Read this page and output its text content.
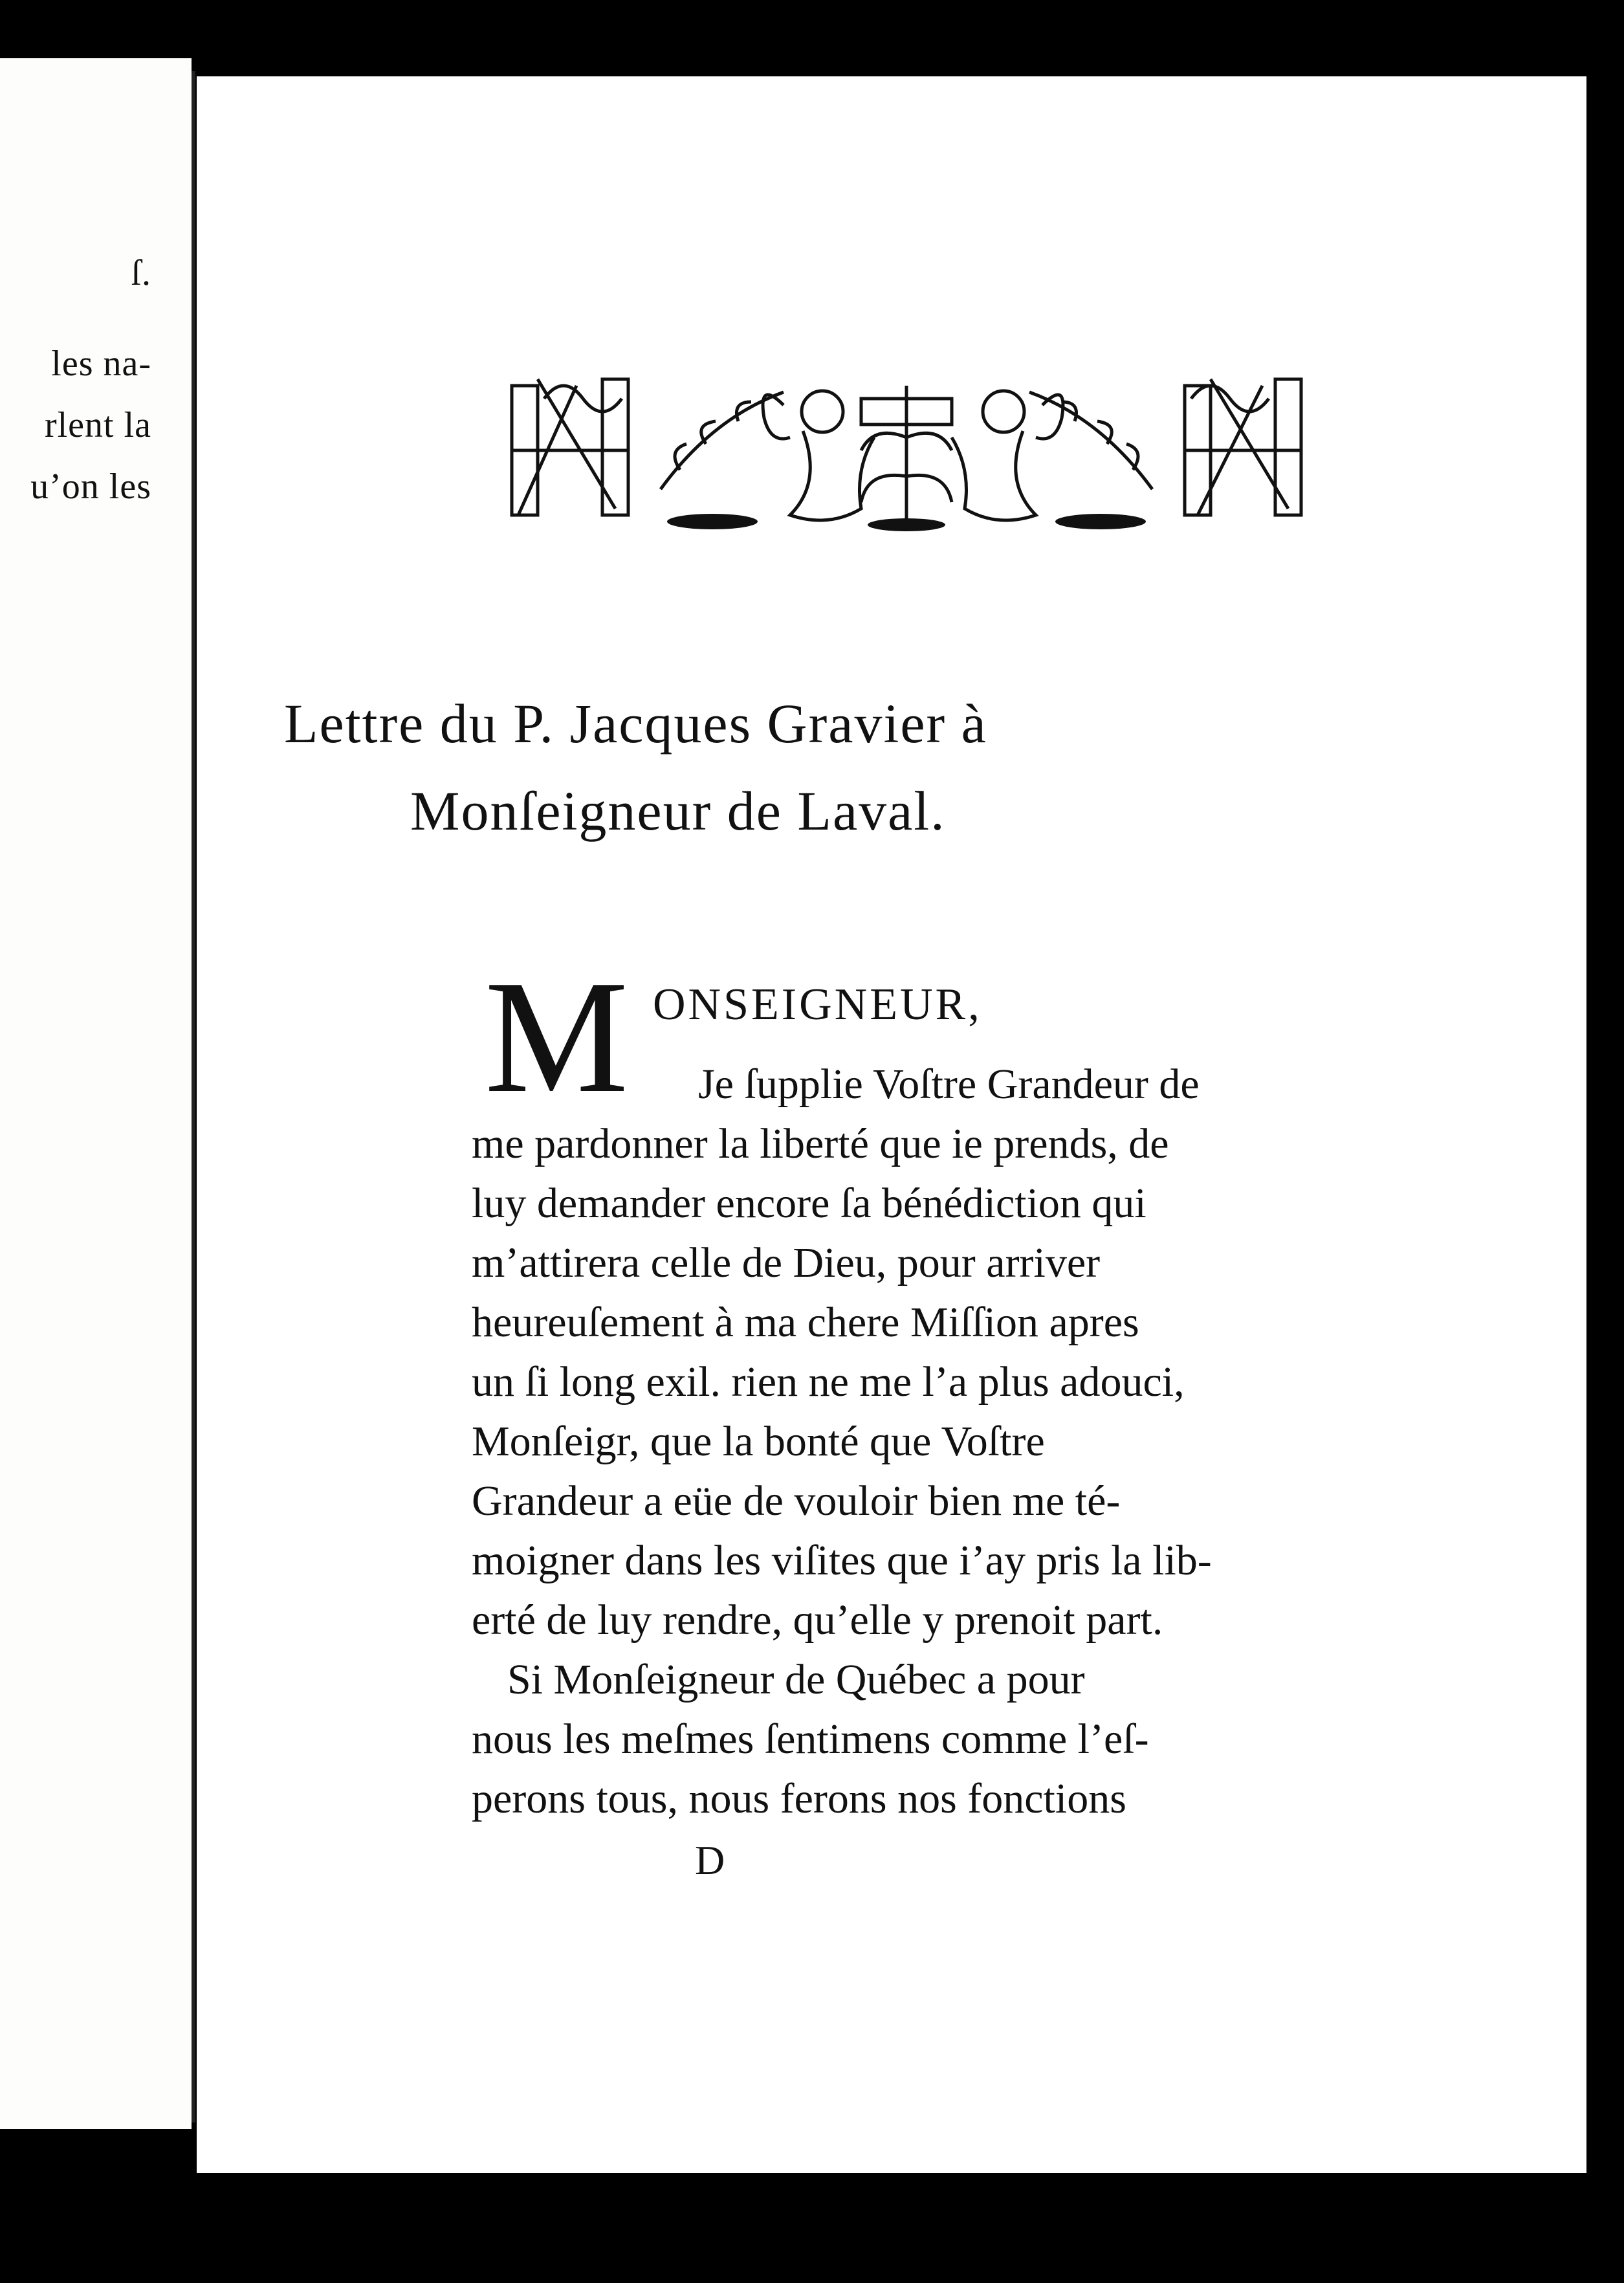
ſ.
les na-
rlent la
u’on les
Lettre du P. Jacques Gravier à
Monſeigneur de Laval.
M ONSEIGNEUR,
Je ſupplie Voſtre Grandeur de
me pardonner la liberté que ie prends, de
luy demander encore ſa bénédiction qui
m’attirera celle de Dieu, pour arriver
heureuſement à ma chere Miſſion apres
un ſi long exil. rien ne me l’a plus adouci,
Monſeigr, que la bonté que Voſtre
Grandeur a eüe de vouloir bien me té-
moigner dans les viſites que i’ay pris la lib-
erté de luy rendre, qu’elle y prenoit part.
Si Monſeigneur de Québec a pour
nous les meſmes ſentimens comme l’eſ-
perons tous, nous ferons nos fonctions
D
